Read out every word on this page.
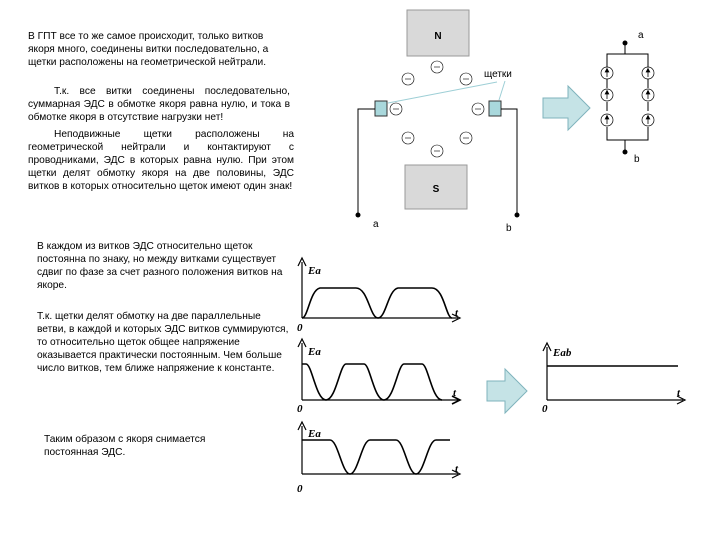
В ГПТ все то же самое происходит, только витков якоря много, соединены витки последовательно, а щетки расположены на геометрической нейтрали.
Т.к. все витки соединены последовательно, суммарная ЭДС в обмотке якоря равна нулю, и тока в обмотке якоря в отсутствие нагрузки нет!
Неподвижные щетки расположены на геометрической нейтрали и контактируют с проводниками, ЭДС в которых равна нулю. При этом щетки делят обмотку якоря на две половины, ЭДС витков в которых относительно щеток имеют один знак!
В каждом из витков ЭДС относительно щеток постоянна по знаку, но между витками существует сдвиг по фазе за счет разного положения витков на якоре.
Т.к. щетки делят обмотку на две параллельные ветви, в каждой и которых ЭДС витков суммируются, то относительно щеток общее напряжение оказывается практически постоянным. Чем больше число витков, тем ближе напряжение к константе.
Таким образом с якоря снимается постоянная ЭДС.
N
S
щетки
a	b
a
b
Ea
t
0
Ea
t
0
Ea
t
0
Eab
t
0
